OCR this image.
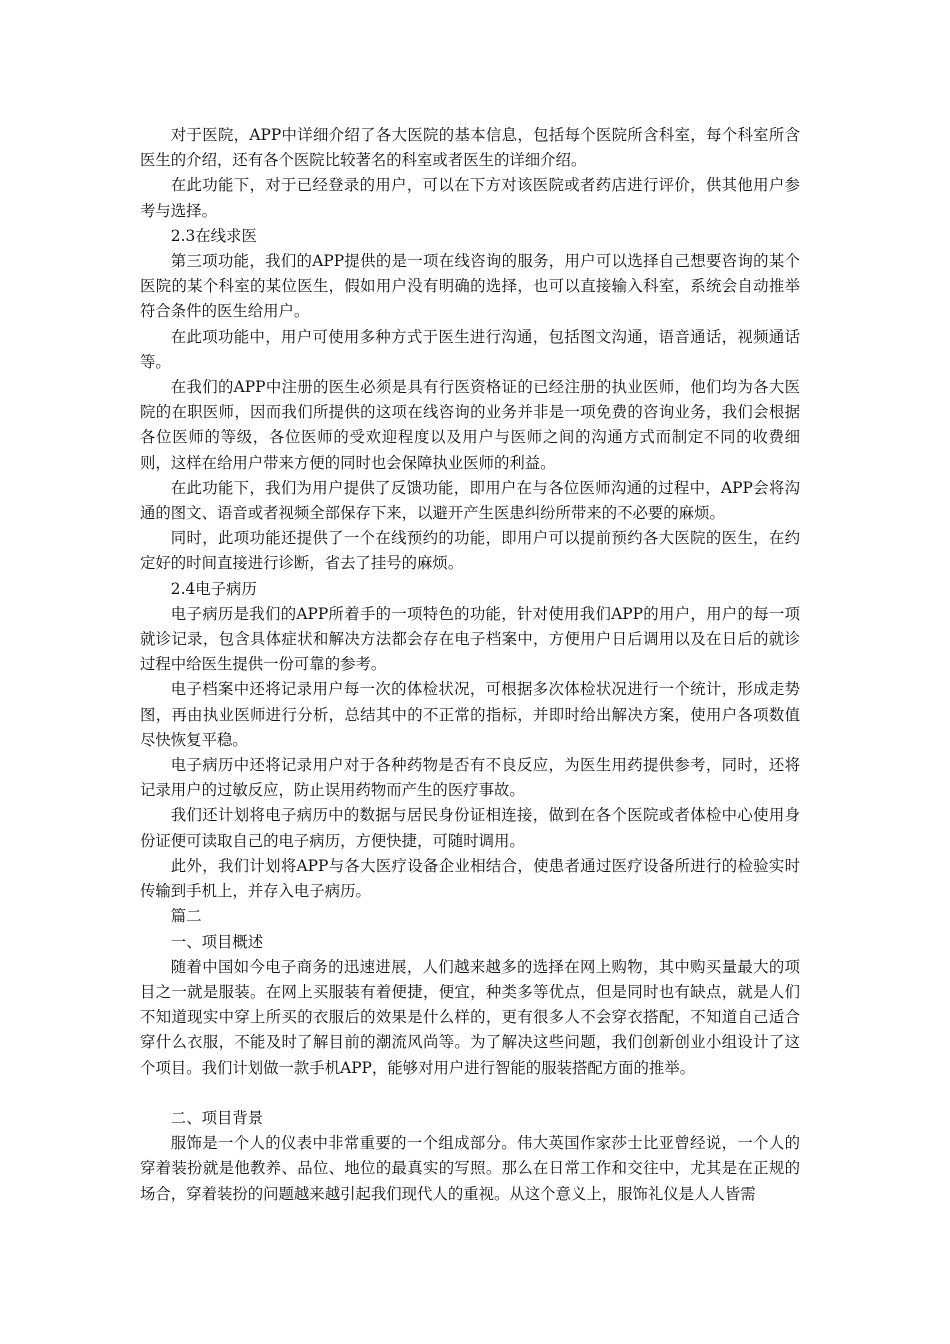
对于医院，APP中详细介绍了各大医院的基本信息，包括每个医院所含科室，每个科室所含医生的介绍，还有各个医院比较著名的科室或者医生的详细介绍。

在此功能下，对于已经登录的用户，可以在下方对该医院或者药店进行评价，供其他用户参考与选择。

2.3在线求医

第三项功能，我们的APP提供的是一项在线咨询的服务，用户可以选择自己想要咨询的某个医院的某个科室的某位医生，假如用户没有明确的选择，也可以直接输入科室，系统会自动推举符合条件的医生给用户。

在此项功能中，用户可使用多种方式于医生进行沟通，包括图文沟通，语音通话，视频通话等。

在我们的APP中注册的医生必须是具有行医资格证的已经注册的执业医师，他们均为各大医院的在职医师，因而我们所提供的这项在线咨询的业务并非是一项免费的咨询业务，我们会根据各位医师的等级，各位医师的受欢迎程度以及用户与医师之间的沟通方式而制定不同的收费细则，这样在给用户带来方便的同时也会保障执业医师的利益。

在此功能下，我们为用户提供了反馈功能，即用户在与各位医师沟通的过程中，APP会将沟通的图文、语音或者视频全部保存下来，以避开产生医患纠纷所带来的不必要的麻烦。

同时，此项功能还提供了一个在线预约的功能，即用户可以提前预约各大医院的医生，在约定好的时间直接进行诊断，省去了挂号的麻烦。

2.4电子病历

电子病历是我们的APP所着手的一项特色的功能，针对使用我们APP的用户，用户的每一项就诊记录，包含具体症状和解决方法都会存在电子档案中，方便用户日后调用以及在日后的就诊过程中给医生提供一份可靠的参考。

电子档案中还将记录用户每一次的体检状况，可根据多次体检状况进行一个统计，形成走势图，再由执业医师进行分析，总结其中的不正常的指标，并即时给出解决方案，使用户各项数值尽快恢复平稳。

电子病历中还将记录用户对于各种药物是否有不良反应，为医生用药提供参考，同时，还将记录用户的过敏反应，防止误用药物而产生的医疗事故。

我们还计划将电子病历中的数据与居民身份证相连接，做到在各个医院或者体检中心使用身份证便可读取自己的电子病历，方便快捷，可随时调用。

此外，我们计划将APP与各大医疗设备企业相结合，使患者通过医疗设备所进行的检验实时传输到手机上，并存入电子病历。

篇二

一、项目概述

随着中国如今电子商务的迅速进展，人们越来越多的选择在网上购物，其中购买量最大的项目之一就是服装。在网上买服装有着便捷，便宜，种类多等优点，但是同时也有缺点，就是人们不知道现实中穿上所买的衣服后的效果是什么样的，更有很多人不会穿衣搭配，不知道自己适合穿什么衣服，不能及时了解目前的潮流风尚等。为了解决这些问题，我们创新创业小组设计了这个项目。我们计划做一款手机APP，能够对用户进行智能的服装搭配方面的推举。

二、项目背景

服饰是一个人的仪表中非常重要的一个组成部分。伟大英国作家莎士比亚曾经说，一个人的穿着装扮就是他教养、品位、地位的最真实的写照。那么在日常工作和交往中，尤其是在正规的场合，穿着装扮的问题越来越引起我们现代人的重视。从这个意义上，服饰礼仪是人人皆需
